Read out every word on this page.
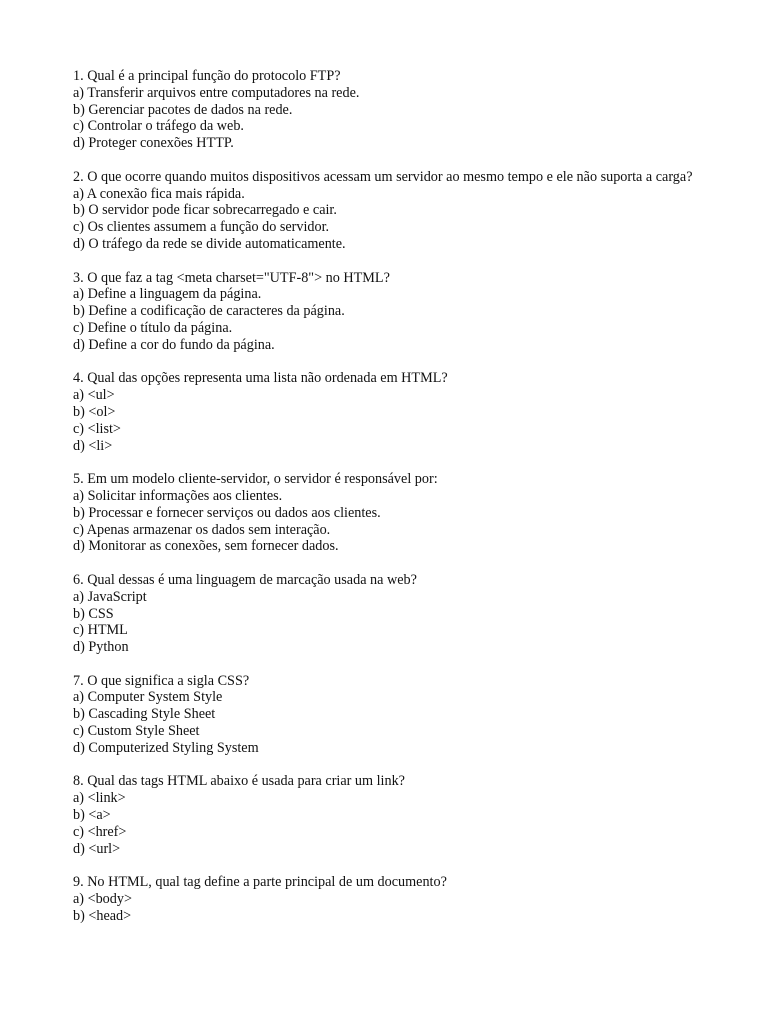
1. Qual é a principal função do protocolo FTP?
a) Transferir arquivos entre computadores na rede.
b) Gerenciar pacotes de dados na rede.
c) Controlar o tráfego da web.
d) Proteger conexões HTTP.
2. O que ocorre quando muitos dispositivos acessam um servidor ao mesmo tempo e ele não suporta a carga?
a) A conexão fica mais rápida.
b) O servidor pode ficar sobrecarregado e cair.
c) Os clientes assumem a função do servidor.
d) O tráfego da rede se divide automaticamente.
3. O que faz a tag <meta charset="UTF-8"> no HTML?
a) Define a linguagem da página.
b) Define a codificação de caracteres da página.
c) Define o título da página.
d) Define a cor do fundo da página.
4. Qual das opções representa uma lista não ordenada em HTML?
a) <ul>
b) <ol>
c) <list>
d) <li>
5. Em um modelo cliente-servidor, o servidor é responsável por:
a) Solicitar informações aos clientes.
b) Processar e fornecer serviços ou dados aos clientes.
c) Apenas armazenar os dados sem interação.
d) Monitorar as conexões, sem fornecer dados.
6. Qual dessas é uma linguagem de marcação usada na web?
a) JavaScript
b) CSS
c) HTML
d) Python
7. O que significa a sigla CSS?
a) Computer System Style
b) Cascading Style Sheet
c) Custom Style Sheet
d) Computerized Styling System
8. Qual das tags HTML abaixo é usada para criar um link?
a) <link>
b) <a>
c) <href>
d) <url>
9. No HTML, qual tag define a parte principal de um documento?
a) <body>
b) <head>
